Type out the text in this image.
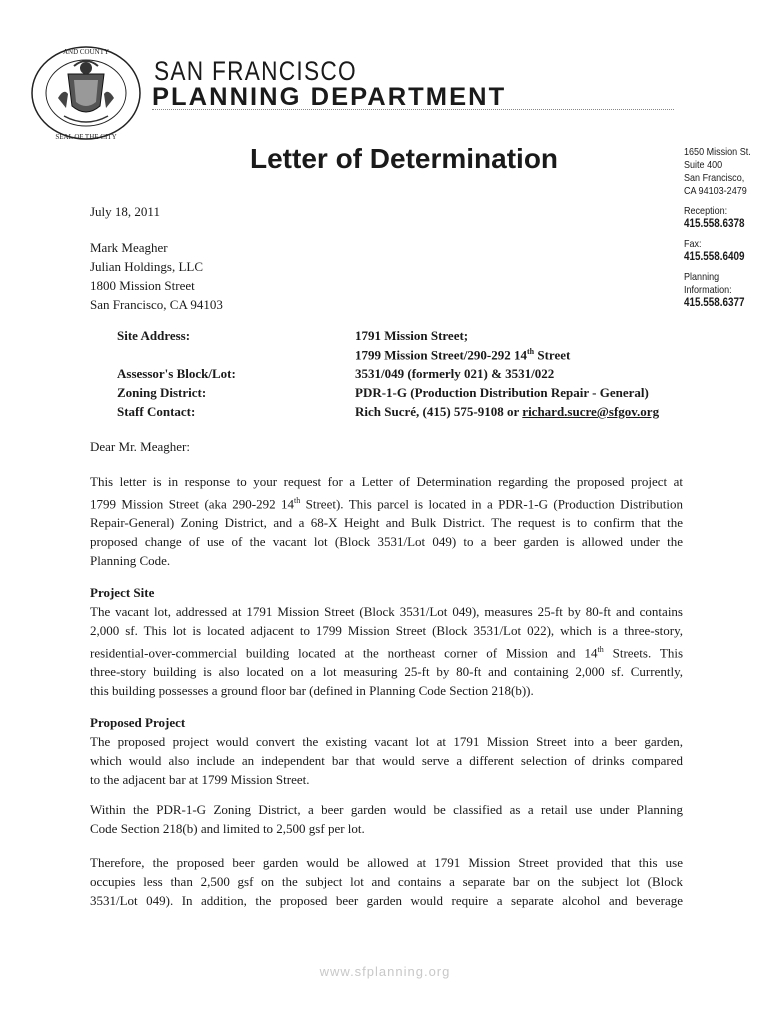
AND COUNTY
SEAL OF THE CITY
SAN FRANCISCO
PLANNING DEPARTMENT
Letter of Determination	1650 Mission St.
Suite 400
San Francisco,
CA 94103-2479

Reception:
415.558.6378

Fax:
415.558.6409

Planning
Information:
415.558.6377

July 18, 2011
Mark Meagher
Julian Holdings, LLC
1800 Mission Street
San Francisco, CA 94103
Site Address:	1791 Mission Street;
1799 Mission Street/290-292 14th Street
Assessor's Block/Lot:	3531/049 (formerly 021) & 3531/022
Zoning District:	PDR-1-G (Production Distribution Repair - General)
Staff Contact:	Rich Sucré, (415) 575-9108 or richard.sucre@sfgov.org
Dear Mr. Meagher:
This letter is in response to your request for a Letter of Determination regarding the proposed project at
1799 Mission Street (aka 290-292 14th Street). This parcel is located in a PDR-1-G (Production Distribution
Repair-General) Zoning District, and a 68-X Height and Bulk District. The request is to confirm that the
proposed change of use of the vacant lot (Block 3531/Lot 049) to a beer garden is allowed under the
Planning Code.
Project Site
The vacant lot, addressed at 1791 Mission Street (Block 3531/Lot 049), measures 25-ft by 80-ft and contains
2,000 sf. This lot is located adjacent to 1799 Mission Street (Block 3531/Lot 022), which is a three-story,
residential-over-commercial building located at the northeast corner of Mission and 14th Streets. This
three-story building is also located on a lot measuring 25-ft by 80-ft and containing 2,000 sf. Currently,
this building possesses a ground floor bar (defined in Planning Code Section 218(b)).
Proposed Project
The proposed project would convert the existing vacant lot at 1791 Mission Street into a beer garden,
which would also include an independent bar that would serve a different selection of drinks compared
to the adjacent bar at 1799 Mission Street.
Within the PDR-1-G Zoning District, a beer garden would be classified as a retail use under Planning
Code Section 218(b) and limited to 2,500 gsf per lot.
Therefore, the proposed beer garden would be allowed at 1791 Mission Street provided that this use
occupies less than 2,500 gsf on the subject lot and contains a separate bar on the subject lot (Block
3531/Lot 049). In addition, the proposed beer garden would require a separate alcohol and beverage
www.sfplanning.org
